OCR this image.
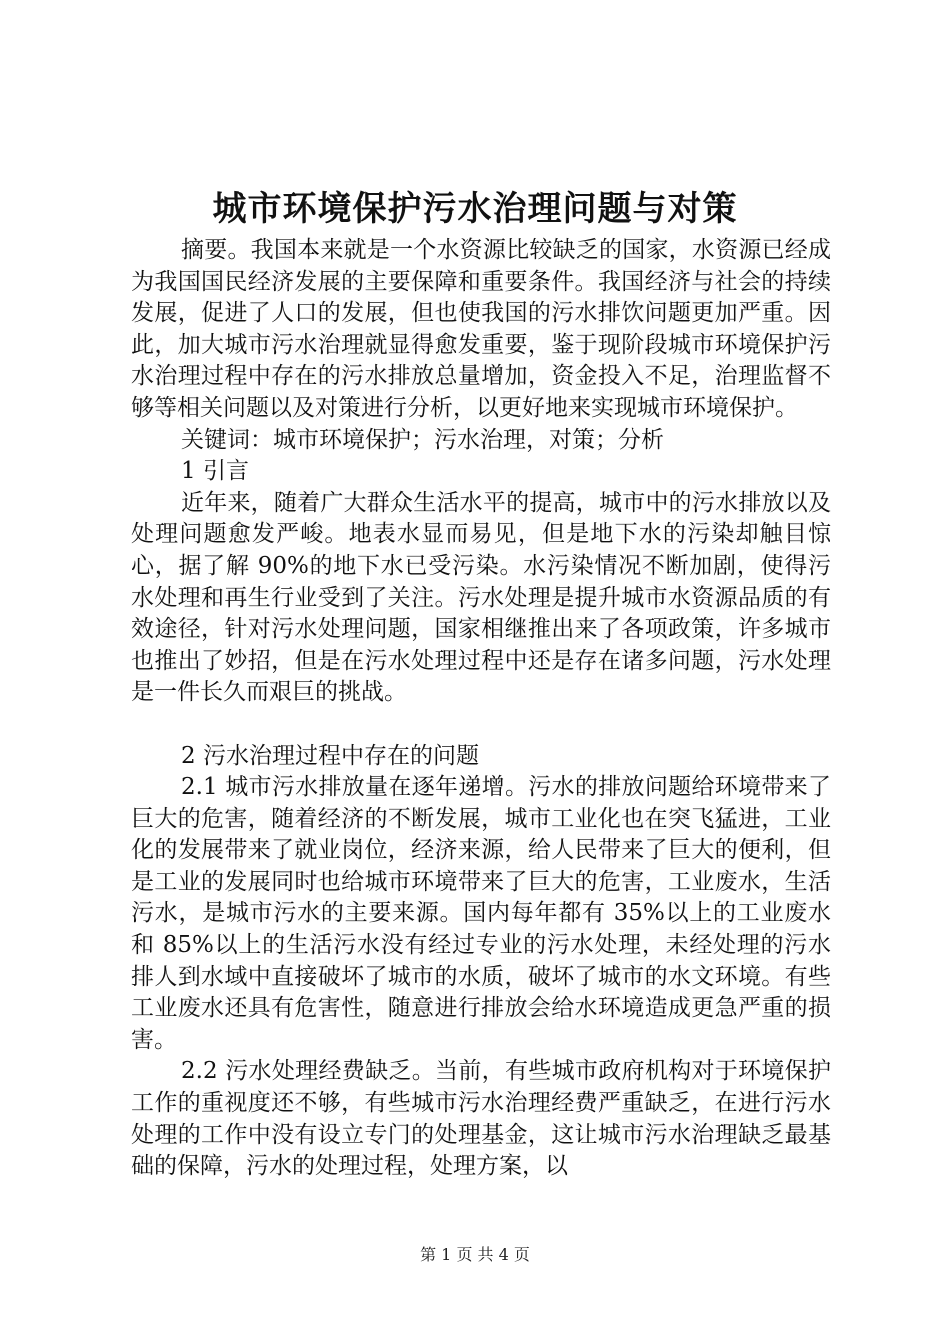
城市环境保护污水治理问题与对策

摘要。我国本来就是一个水资源比较缺乏的国家，水资源已经成为我国国民经济发展的主要保障和重要条件。我国经济与社会的持续发展，促进了人口的发展，但也使我国的污水排饮问题更加严重。因此，加大城市污水治理就显得愈发重要，鉴于现阶段城市环境保护污水治理过程中存在的污水排放总量增加，资金投入不足，治理监督不够等相关问题以及对策进行分析，以更好地来实现城市环境保护。

关键词：城市环境保护；污水治理，对策；分析

1 引言

近年来，随着广大群众生活水平的提高，城市中的污水排放以及处理问题愈发严峻。地表水显而易见，但是地下水的污染却触目惊心，据了解 90%的地下水已受污染。水污染情况不断加剧，使得污水处理和再生行业受到了关注。污水处理是提升城市水资源品质的有效途径，针对污水处理问题，国家相继推出来了各项政策，许多城市也推出了妙招，但是在污水处理过程中还是存在诸多问题，污水处理是一件长久而艰巨的挑战。

2 污水治理过程中存在的问题

2.1 城市污水排放量在逐年递增。污水的排放问题给环境带来了巨大的危害，随着经济的不断发展，城市工业化也在突飞猛进，工业化的发展带来了就业岗位，经济来源，给人民带来了巨大的便利，但是工业的发展同时也给城市环境带来了巨大的危害，工业废水，生活污水，是城市污水的主要来源。国内每年都有 35%以上的工业废水和 85%以上的生活污水没有经过专业的污水处理，未经处理的污水排人到水域中直接破坏了城市的水质，破坏了城市的水文环境。有些工业废水还具有危害性，随意进行排放会给水环境造成更急严重的损害。

2.2 污水处理经费缺乏。当前，有些城市政府机构对于环境保护工作的重视度还不够，有些城市污水治理经费严重缺乏，在进行污水处理的工作中没有设立专门的处理基金，这让城市污水治理缺乏最基础的保障，污水的处理过程，处理方案，以

第 1 页 共 4 页
